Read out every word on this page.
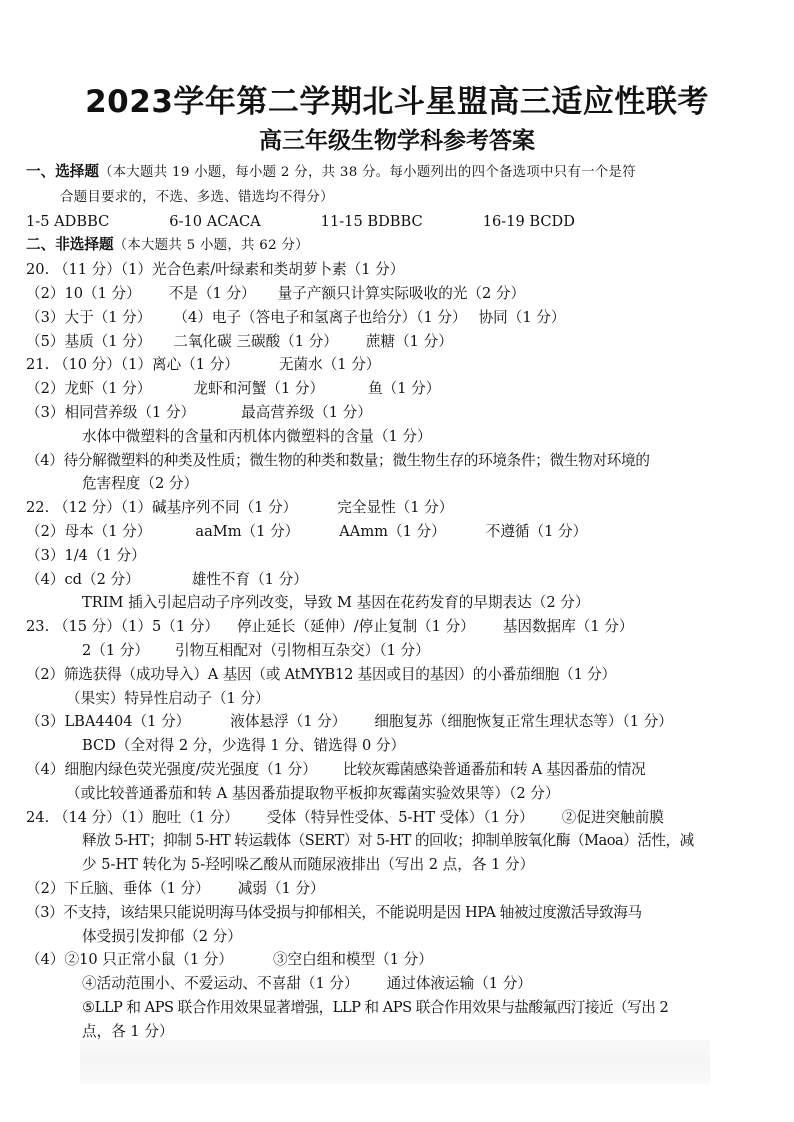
2023学年第二学期北斗星盟高三适应性联考
高三年级生物学科参考答案
一、选择题（本大题共 19 小题，每小题 2 分，共 38 分。每小题列出的四个备选项中只有一个是符
合题目要求的，不选、多选、错选均不得分）
1-5 ADBBC	6-10 ACACA	11-15 BDBBC	16-19 BCDD
二、非选择题（本大题共 5 小题，共 62 分）
20. （11 分）（1）光合色素/叶绿素和类胡萝卜素（1 分）
（2）10（1 分） 不是（1 分） 量子产额只计算实际吸收的光（2 分）
（3）大于（1 分） （4）电子（答电子和氢离子也给分）（1 分） 协同（1 分）
（5）基质（1 分） 二氧化碳 三碳酸（1 分） 蔗糖（1 分）
21. （10 分）（1）离心（1 分）	无菌水（1 分）
（2）龙虾（1 分）	龙虾和河蟹（1 分）	鱼（1 分）
（3）相同营养级（1 分）	最高营养级（1 分）
水体中微塑料的含量和丙机体内微塑料的含量（1 分）
（4）待分解微塑料的种类及性质；微生物的种类和数量；微生物生存的环境条件；微生物对环境的
危害程度（2 分）
22. （12 分）（1）碱基序列不同（1 分）	完全显性（1 分）
（2）母本（1 分）	aaMm（1 分）	AAmm（1 分）	不遵循（1 分）
（3）1/4（1 分）
（4）cd（2 分）	雄性不育（1 分）
TRIM 插入引起启动子序列改变，导致 M 基因在花药发育的早期表达（2 分）
23. （15 分）（1）5（1 分） 停止延长（延伸）/停止复制（1 分） 基因数据库（1 分）
2（1 分） 引物互相配对（引物相互杂交）（1 分）
（2）筛选获得（成功导入）A 基因（或 AtMYB12 基因或目的基因）的小番茄细胞（1 分）
（果实）特异性启动子（1 分）
（3）LBA4404（1 分）	液体悬浮（1 分） 细胞复苏（细胞恢复正常生理状态等）（1 分）
BCD（全对得 2 分，少选得 1 分、错选得 0 分）
（4）细胞内绿色荧光强度/荧光强度（1 分） 比较灰霉菌感染普通番茄和转 A 基因番茄的情况
（或比较普通番茄和转 A 基因番茄提取物平板抑灰霉菌实验效果等）（2 分）
24. （14 分）（1）胞吐（1 分） 受体（特异性受体、5-HT 受体）（1 分） ②促进突触前膜
释放 5-HT；抑制 5-HT 转运载体（SERT）对 5-HT 的回收；抑制单胺氧化酶（Maoa）活性，减
少 5-HT 转化为 5-羟吲哚乙酸从而随尿液排出（写出 2 点，各 1 分）
（2）下丘脑、垂体（1 分） 减弱（1 分）
（3）不支持，该结果只能说明海马体受损与抑郁相关，不能说明是因 HPA 轴被过度激活导致海马
体受损引发抑郁（2 分）
（4）②10 只正常小鼠（1 分）	③空白组和模型（1 分）
④活动范围小、不爱运动、不喜甜（1 分） 通过体液运输（1 分）
⑤LLP 和 APS 联合作用效果显著增强，LLP 和 APS 联合作用效果与盐酸氟西汀接近（写出 2
点，各 1 分）
